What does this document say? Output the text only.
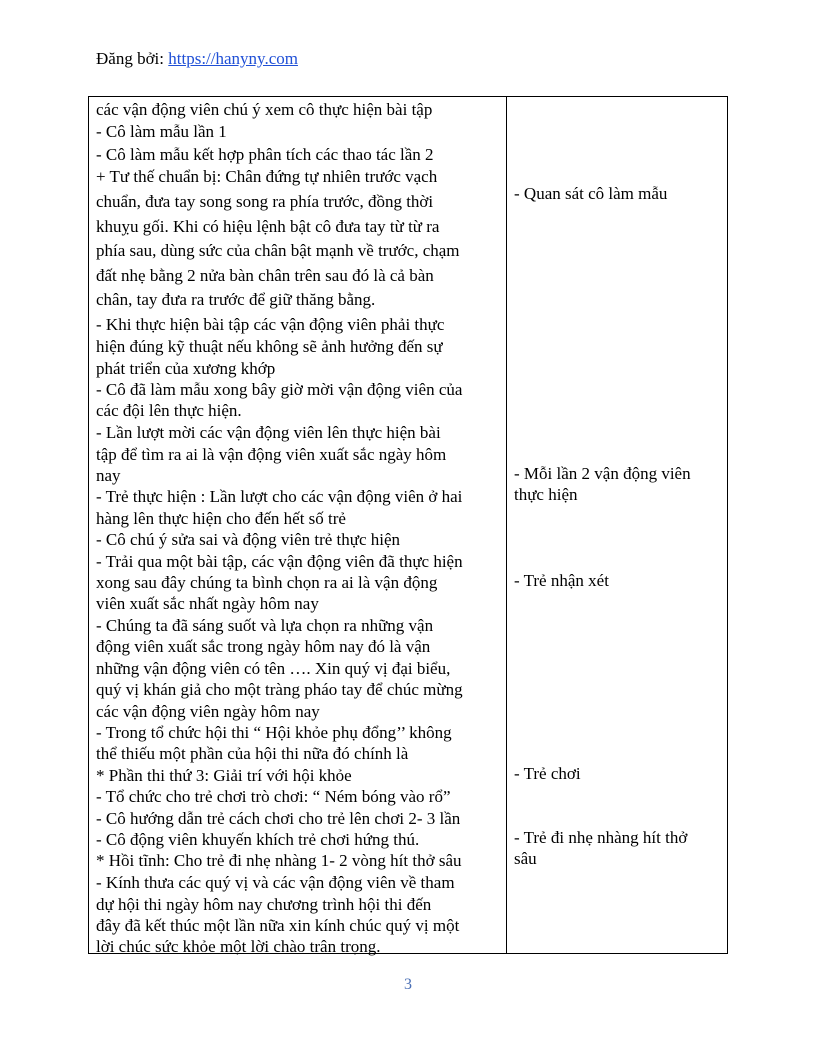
Đăng bởi: https://hanyny.com
các vận động viên chú ý xem cô thực hiện bài tập
- Cô làm mẫu lần 1
- Cô làm mẫu kết hợp phân tích các thao tác lần 2
+ Tư thế chuẩn bị: Chân đứng tự nhiên trước vạch
chuẩn, đưa tay song song ra phía trước, đồng thời
khuỵu gối. Khi có hiệu lệnh bật cô đưa tay từ từ ra
phía sau, dùng sức của chân bật mạnh về trước, chạm
đất nhẹ bằng 2 nửa bàn chân trên sau đó là cả bàn
chân, tay đưa ra trước để giữ thăng bằng.
- Khi thực hiện bài tập các vận động viên phải thực
hiện đúng kỹ thuật nếu không sẽ ảnh hưởng đến sự
phát triển của xương khớp
- Cô đã làm mẫu xong bây giờ mời vận động viên của
các đội lên thực hiện.
- Lần lượt mời các vận động viên lên thực hiện bài
tập để tìm ra ai là vận động viên xuất sắc ngày hôm
nay
- Trẻ thực hiện : Lần lượt cho các vận động viên ở hai
hàng lên thực hiện cho đến hết số trẻ
- Cô chú ý sửa sai và động viên trẻ thực hiện
- Trải qua một bài tập, các vận động viên đã thực hiện
xong sau đây chúng ta bình chọn ra ai là vận động
viên xuất sắc nhất ngày hôm nay
- Chúng ta đã sáng suốt và lựa chọn ra những vận
động viên xuất sắc trong ngày hôm nay đó là vận
những vận động viên có tên …. Xin quý vị đại biểu,
quý vị khán giả cho một tràng pháo tay để chúc mừng
các vận động viên ngày hôm nay
- Trong tổ chức hội thi “ Hội khỏe phụ đổng’’ không
thể thiếu một phần của hội thi nữa đó chính là
* Phần thi thứ 3: Giải trí với hội khỏe
- Tổ chức cho trẻ chơi trò chơi: “ Ném bóng vào rổ”
- Cô hướng dẫn trẻ cách chơi cho trẻ lên chơi 2- 3 lần
- Cô động viên khuyến khích trẻ chơi hứng thú.
* Hồi tĩnh: Cho trẻ đi nhẹ nhàng 1- 2 vòng hít thở sâu
- Kính thưa các quý vị và các vận động viên về tham
dự hội thi ngày hôm nay chương trình hội thi đến
đây đã kết thúc một lần nữa xin kính chúc quý vị một
lời chúc sức khỏe một lời chào trân trọng.
- Quan sát cô làm mẫu
- Mỗi lần 2 vận động viên
thực hiện
- Trẻ nhận xét
- Trẻ chơi
- Trẻ đi nhẹ nhàng hít thở
sâu
3
